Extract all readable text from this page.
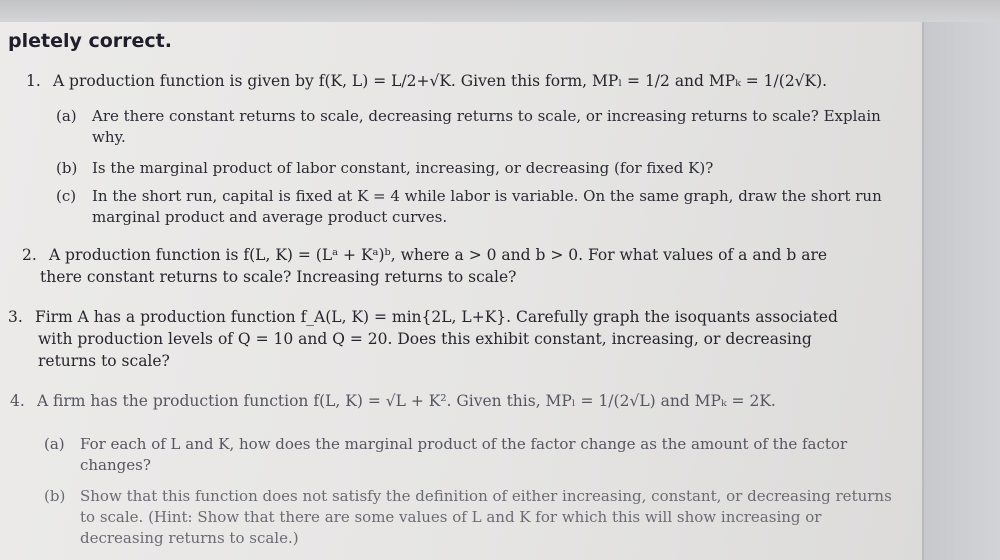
pletely correct.
1. A production function is given by f(K, L) = L/2+√K. Given this form, MPₗ = 1/2 and MPₖ = 1/(2√K).
(a) Are there constant returns to scale, decreasing returns to scale, or increasing returns to scale? Explain why.
(b) Is the marginal product of labor constant, increasing, or decreasing (for fixed K)?
(c) In the short run, capital is fixed at K = 4 while labor is variable. On the same graph, draw the short run marginal product and average product curves.
2. A production function is f(L, K) = (Lᵃ + Kᵃ)ᵇ, where a > 0 and b > 0. For what values of a and b are
there constant returns to scale? Increasing returns to scale?
3. Firm A has a production function f_A(L, K) = min{2L, L+K}. Carefully graph the isoquants associated
with production levels of Q = 10 and Q = 20. Does this exhibit constant, increasing, or decreasing
returns to scale?
4. A firm has the production function f(L, K) = √L + K². Given this, MPₗ = 1/(2√L) and MPₖ = 2K.
(a) For each of L and K, how does the marginal product of the factor change as the amount of the factor changes?
(b) Show that this function does not satisfy the definition of either increasing, constant, or decreasing returns to scale. (Hint: Show that there are some values of L and K for which this will show increasing or decreasing returns to scale.)
